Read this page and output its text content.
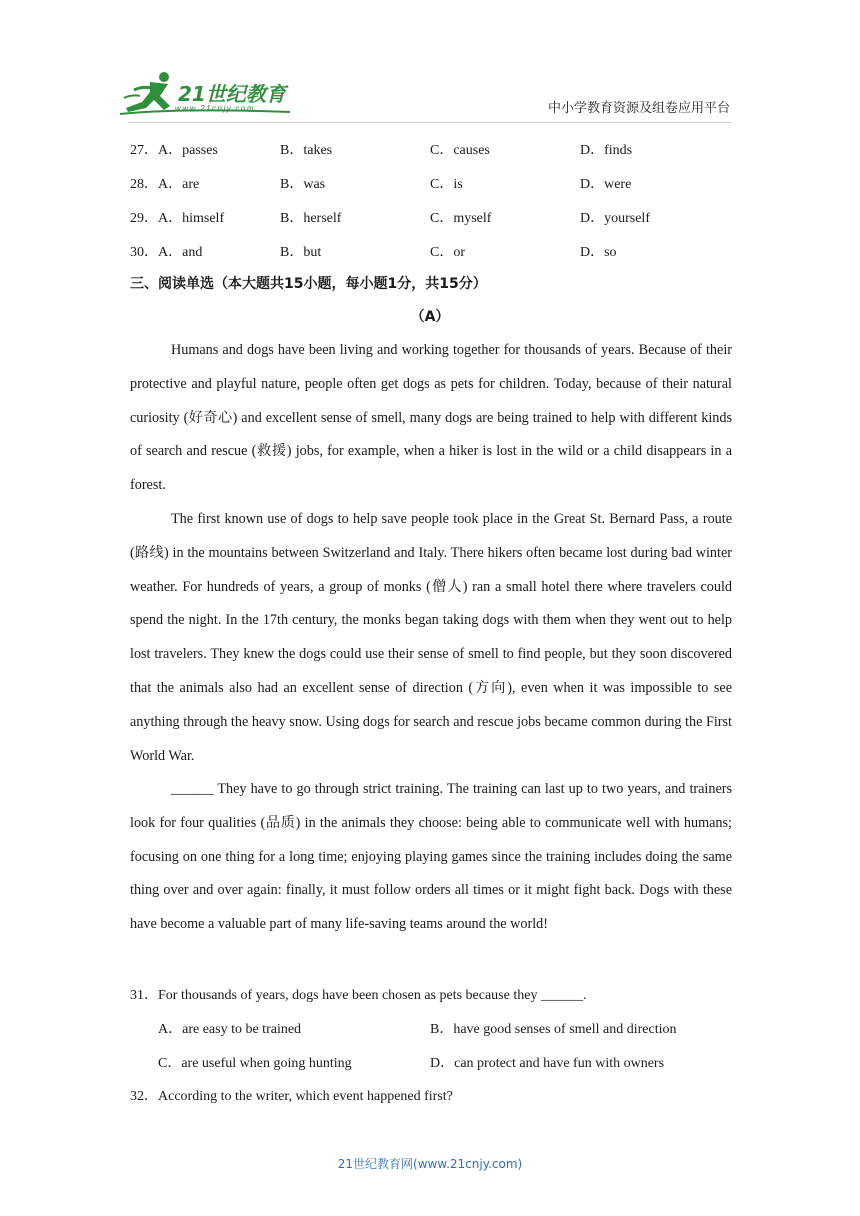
21世纪教育
www.21cnjy.com	中小学教育资源及组卷应用平台
27．A．passes	B．takes	C．causes	D．finds
28．A．are	B．was	C．is	D．were
29．A．himself	B．herself	C．myself	D．yourself
30．A．and	B．but	C．or	D．so
三、阅读单选（本大题共15小题，每小题1分，共15分）
（A）

Humans and dogs have been living and working together for thousands of years. Because of their protective and playful nature, people often get dogs as pets for children. Today, because of their natural curiosity (好奇心) and excellent sense of smell, many dogs are being trained to help with different kinds of search and rescue (救援) jobs, for example, when a hiker is lost in the wild or a child disappears in a forest.

The first known use of dogs to help save people took place in the Great St. Bernard Pass, a route (路线) in the mountains between Switzerland and Italy. There hikers often became lost during bad winter weather. For hundreds of years, a group of monks (僧人) ran a small hotel there where travelers could spend the night. In the 17th century, the monks began taking dogs with them when they went out to help lost travelers. They knew the dogs could use their sense of smell to find people, but they soon discovered that the animals also had an excellent sense of direction (方向), even when it was impossible to see anything through the heavy snow. Using dogs for search and rescue jobs became common during the First World War.

______ They have to go through strict training. The training can last up to two years, and trainers look for four qualities (品质) in the animals they choose: being able to communicate well with humans; focusing on one thing for a long time; enjoying playing games since the training includes doing the same thing over and over again: finally, it must follow orders all times or it might fight back. Dogs with these have become a valuable part of many life-saving teams around the world!

31．For thousands of years, dogs have been chosen as pets because they ______.
A．are easy to be trained	B．have good senses of smell and direction
C．are useful when going hunting	D．can protect and have fun with owners
32．According to the writer, which event happened first?
21世纪教育网(www.21cnjy.com)
